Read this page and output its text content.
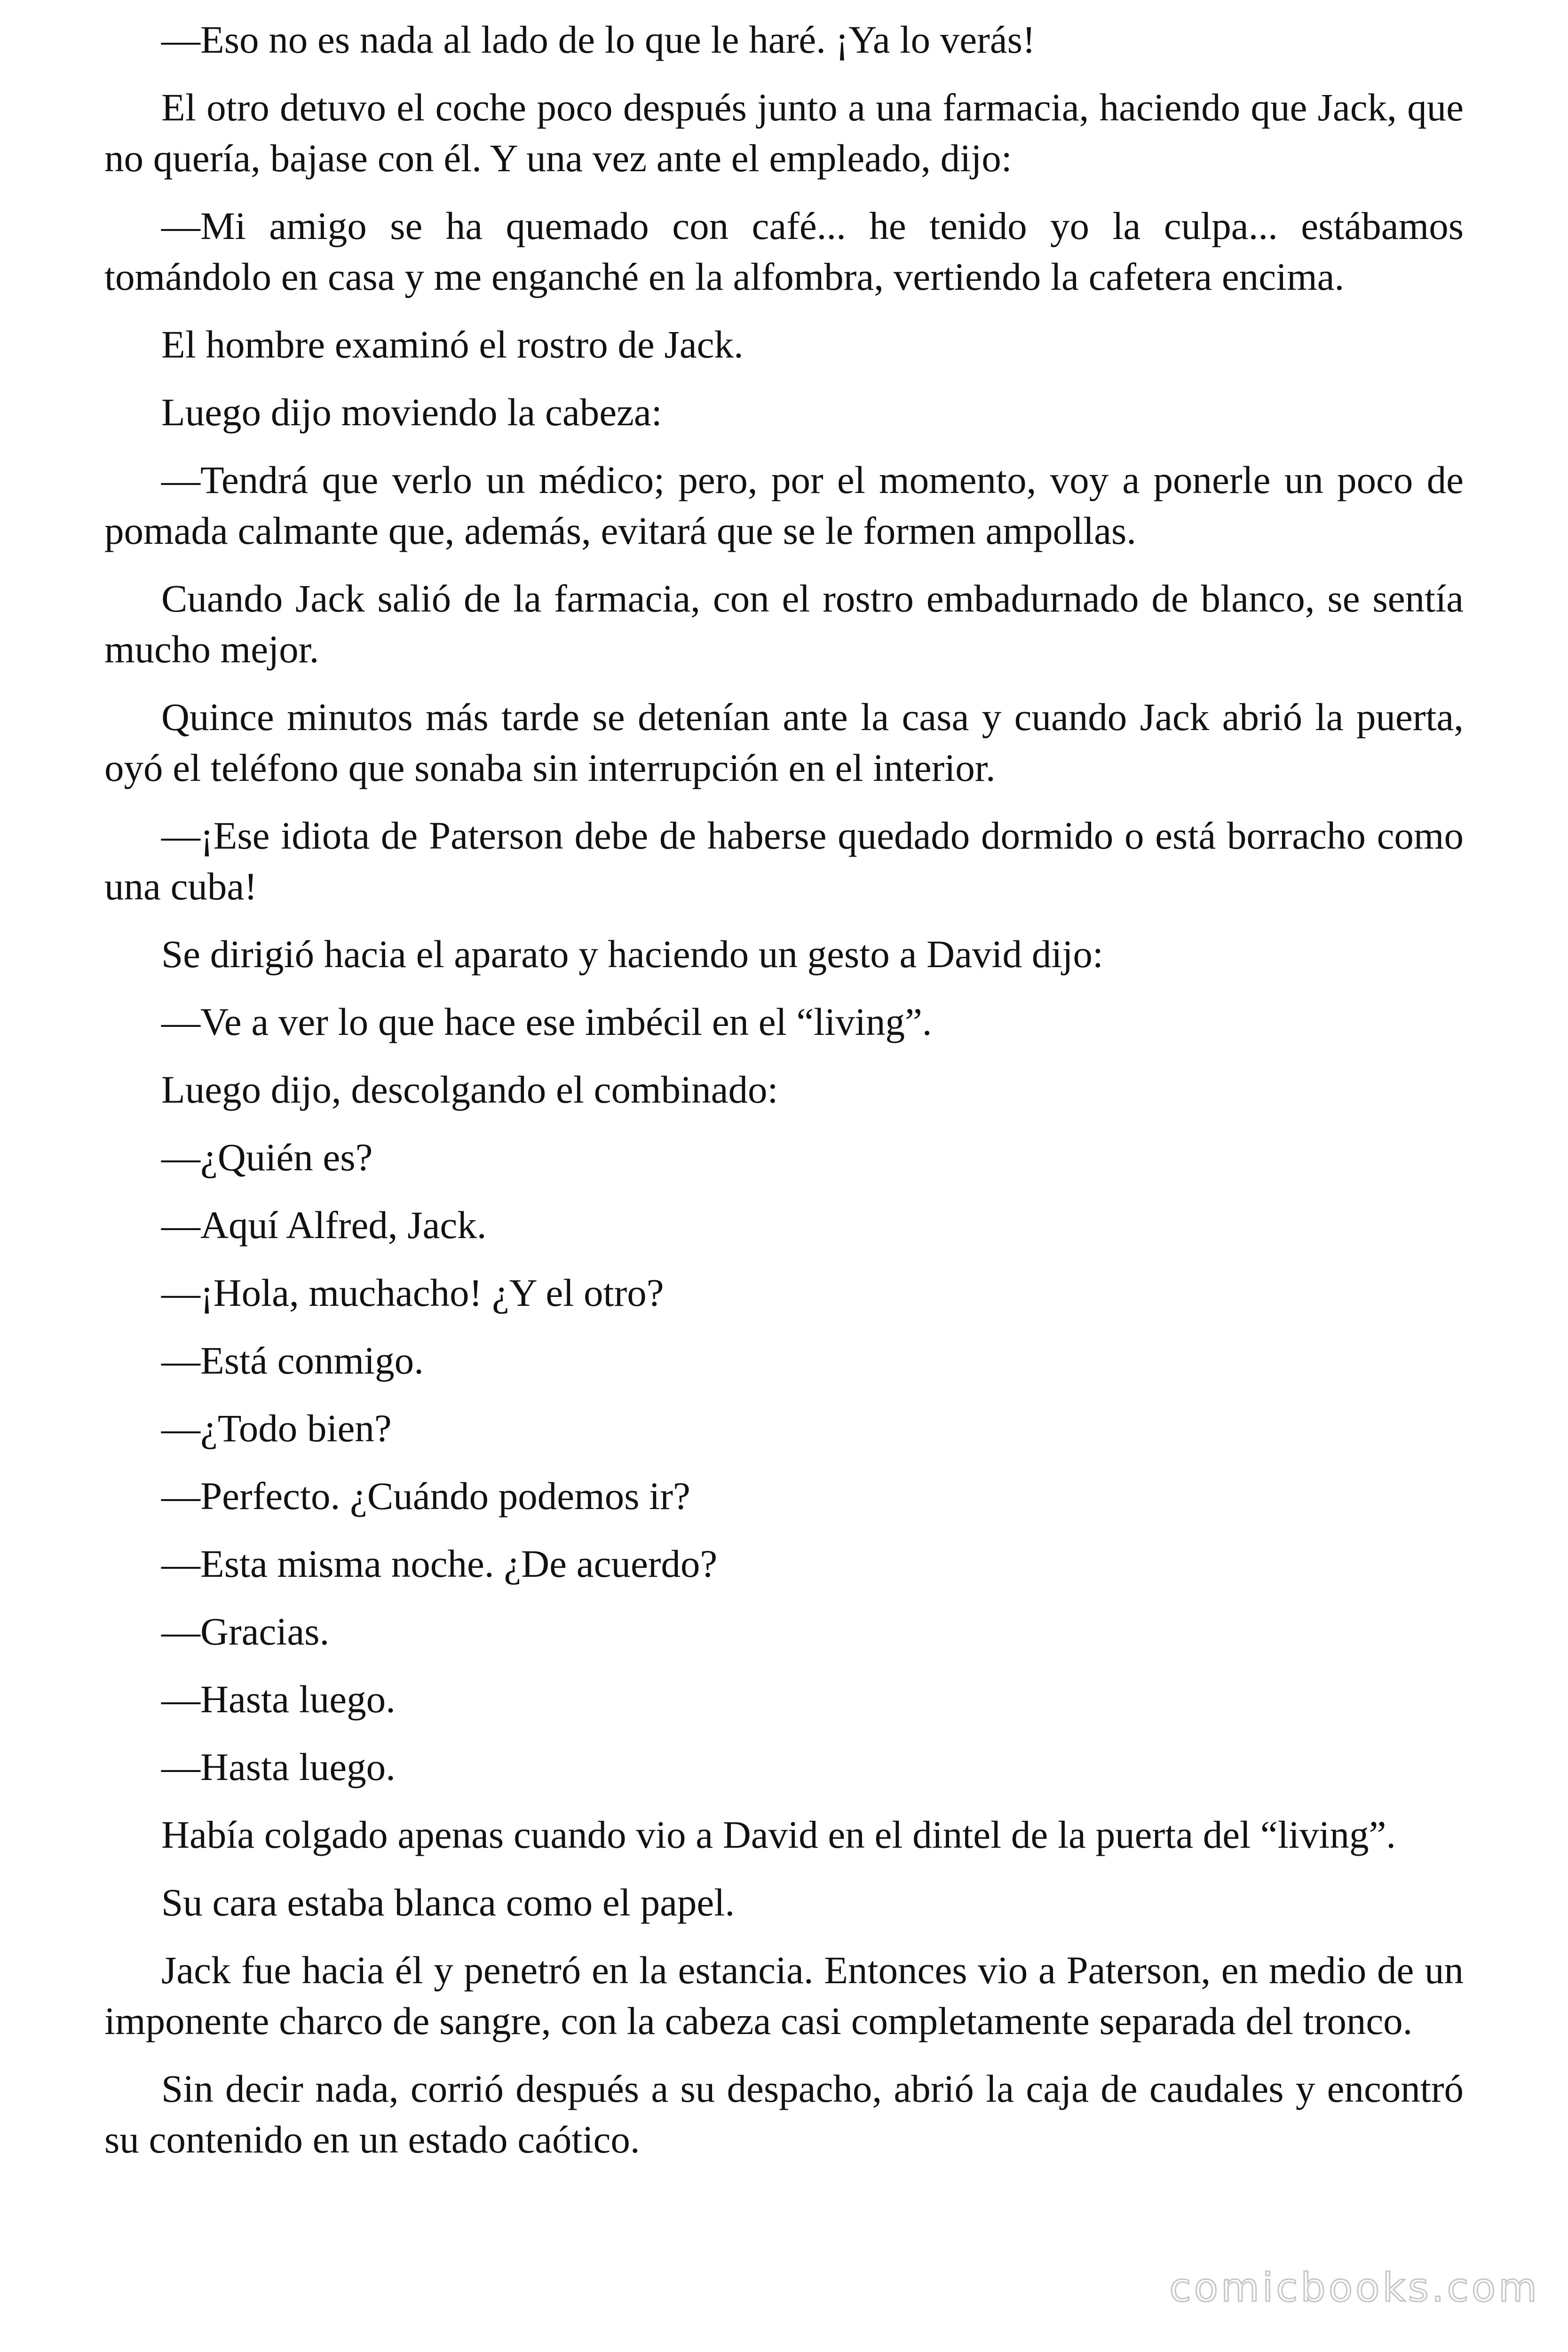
—Eso no es nada al lado de lo que le haré. ¡Ya lo verás!

El otro detuvo el coche poco después junto a una farmacia, haciendo que Jack, que no quería, bajase con él. Y una vez ante el empleado, dijo:

—Mi amigo se ha quemado con café... he tenido yo la culpa... estábamos tomándolo en casa y me enganché en la alfombra, vertiendo la cafetera encima.

El hombre examinó el rostro de Jack.

Luego dijo moviendo la cabeza:

—Tendrá que verlo un médico; pero, por el momento, voy a ponerle un poco de pomada calmante que, además, evitará que se le formen ampollas.

Cuando Jack salió de la farmacia, con el rostro embadurnado de blanco, se sentía mucho mejor.

Quince minutos más tarde se detenían ante la casa y cuando Jack abrió la puerta, oyó el teléfono que sonaba sin interrupción en el interior.

—¡Ese idiota de Paterson debe de haberse quedado dormido o está borracho como una cuba!

Se dirigió hacia el aparato y haciendo un gesto a David dijo:

—Ve a ver lo que hace ese imbécil en el “living”.

Luego dijo, descolgando el combinado:

—¿Quién es?

—Aquí Alfred, Jack.

—¡Hola, muchacho! ¿Y el otro?

—Está conmigo.

—¿Todo bien?

—Perfecto. ¿Cuándo podemos ir?

—Esta misma noche. ¿De acuerdo?

—Gracias.

—Hasta luego.

—Hasta luego.

Había colgado apenas cuando vio a David en el dintel de la puerta del “living”.

Su cara estaba blanca como el papel.

Jack fue hacia él y penetró en la estancia. Entonces vio a Paterson, en medio de un imponente charco de sangre, con la cabeza casi completamente separada del tronco.

Sin decir nada, corrió después a su despacho, abrió la caja de caudales y encontró su contenido en un estado caótico.

comicbooks.com
